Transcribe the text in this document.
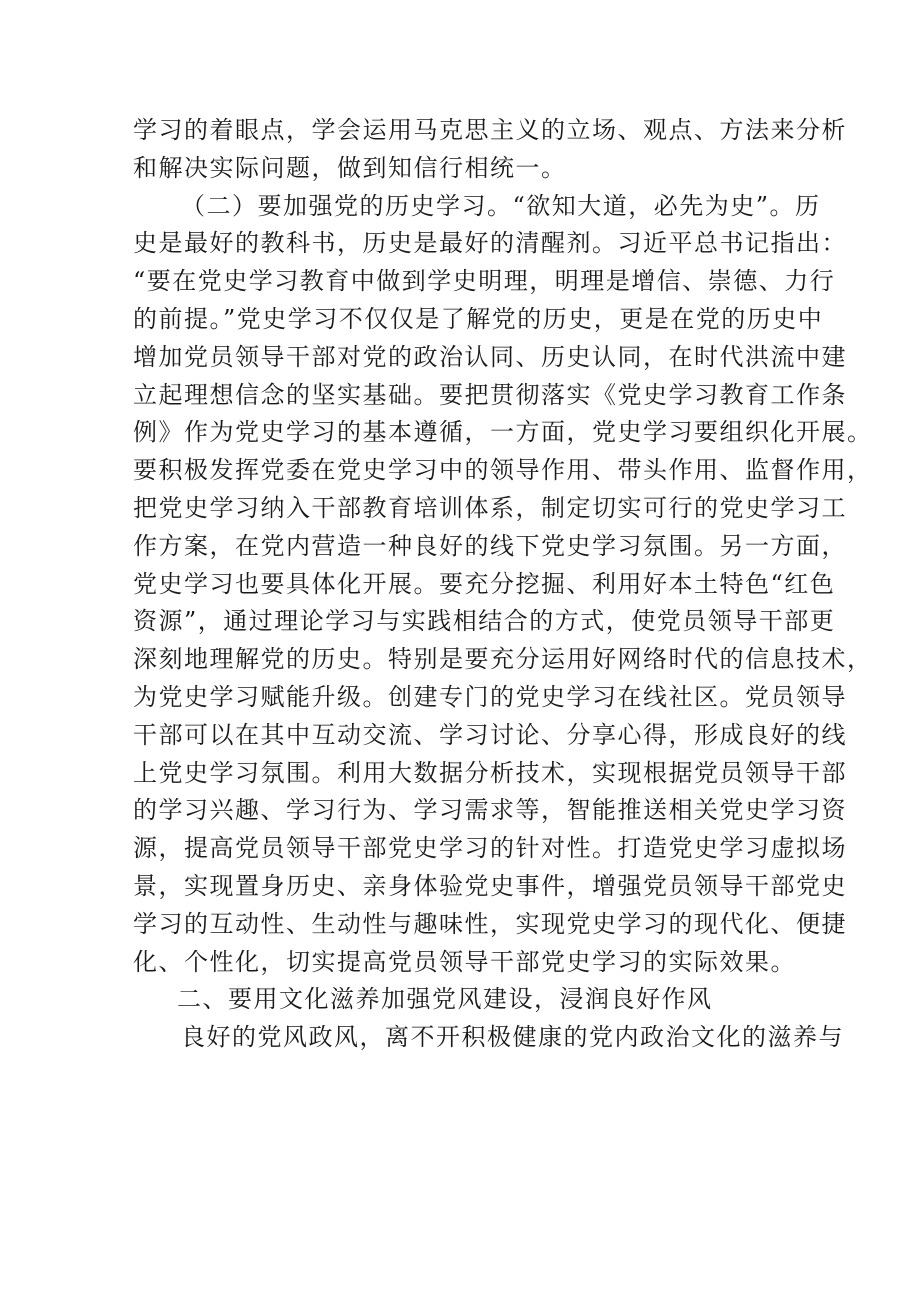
学习的着眼点，学会运用马克思主义的立场、观点、方法来分析
和解决实际问题，做到知信行相统一。
（二）要加强党的历史学习。“欲知大道，必先为史”。历
史是最好的教科书，历史是最好的清醒剂。习近平总书记指出：
“要在党史学习教育中做到学史明理，明理是增信、崇德、力行
的前提。”党史学习不仅仅是了解党的历史，更是在党的历史中
增加党员领导干部对党的政治认同、历史认同，在时代洪流中建
立起理想信念的坚实基础。要把贯彻落实《党史学习教育工作条
例》作为党史学习的基本遵循，一方面，党史学习要组织化开展。
要积极发挥党委在党史学习中的领导作用、带头作用、监督作用，
把党史学习纳入干部教育培训体系，制定切实可行的党史学习工
作方案，在党内营造一种良好的线下党史学习氛围。另一方面，
党史学习也要具体化开展。要充分挖掘、利用好本土特色“红色
资源”，通过理论学习与实践相结合的方式，使党员领导干部更
深刻地理解党的历史。特别是要充分运用好网络时代的信息技术，
为党史学习赋能升级。创建专门的党史学习在线社区。党员领导
干部可以在其中互动交流、学习讨论、分享心得，形成良好的线
上党史学习氛围。利用大数据分析技术，实现根据党员领导干部
的学习兴趣、学习行为、学习需求等，智能推送相关党史学习资
源，提高党员领导干部党史学习的针对性。打造党史学习虚拟场
景，实现置身历史、亲身体验党史事件，增强党员领导干部党史
学习的互动性、生动性与趣味性，实现党史学习的现代化、便捷
化、个性化，切实提高党员领导干部党史学习的实际效果。
二、要用文化滋养加强党风建设，浸润良好作风
良好的党风政风，离不开积极健康的党内政治文化的滋养与
